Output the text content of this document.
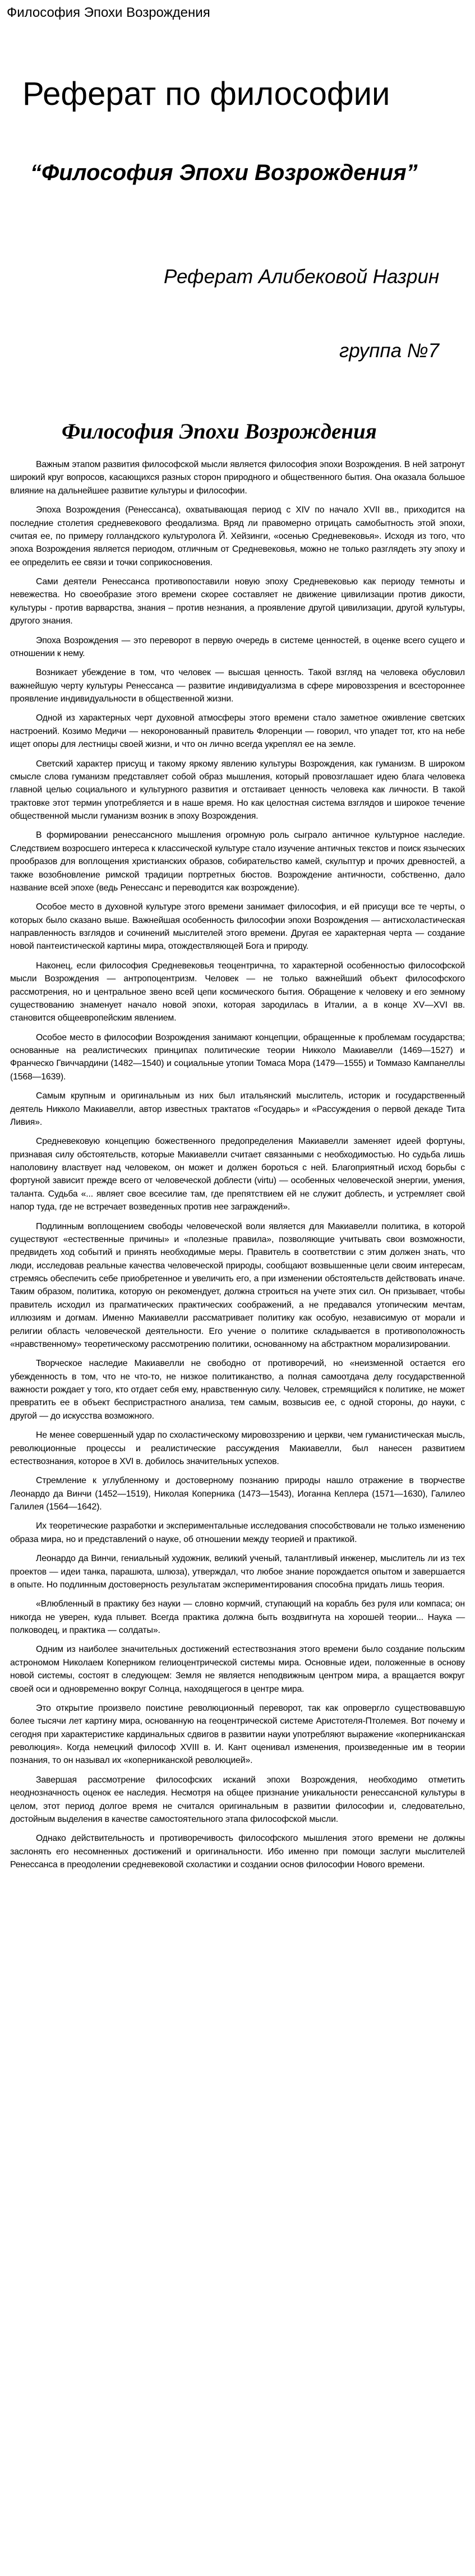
Философия Эпохи Возрождения
Реферат по философии
“Философия Эпохи Возрождения”
Реферат Алибековой Назрин
группа №7
Философия Эпохи Возрождения

Важным этапом развития философской мысли является философия эпохи Возрождения. В ней затронут широкий круг вопросов, касающихся разных сторон природного и общественного бытия. Она оказала большое влияние на дальнейшее развитие культуры и философии.

Эпоха Возрождения (Ренессанса), охватывающая период с XIV по начало XVII вв., приходится на последние столетия средневекового феодализма. Вряд ли правомерно отрицать самобытность этой эпохи, считая ее, по примеру голландского культуролога Й. Хейзинги, «осенью Средневековья». Исходя из того, что эпоха Возрождения является периодом, отличным от Средневековья, можно не только разглядеть эту эпоху и ее определить ее связи и точки соприкосновения.

Сами деятели Ренессанса противопоставили новую эпоху Средневековью как периоду темноты и невежества. Но своеобразие этого времени скорее составляет не движение цивилизации против дикости, культуры - против варварства, знания – против незнания, а проявление другой цивилизации, другой культуры, другого знания.

Эпоха Возрождения — это переворот в первую очередь в системе ценностей, в оценке всего сущего и отношении к нему.

Возникает убеждение в том, что человек — высшая ценность. Такой взгляд на человека обусловил важнейшую черту культуры Ренессанса — развитие индивидуализма в сфере мировоззрения и всестороннее проявление индивидуальности в общественной жизни.

Одной из характерных черт духовной атмосферы этого времени стало заметное оживление светских настроений. Козимо Медичи — некоронованный правитель Флоренции — говорил, что упадет тот, кто на небе ищет опоры для лестницы своей жизни, и что он лично всегда укреплял ее на земле.

Светский характер присущ и такому яркому явлению культуры Возрождения, как гуманизм. В широком смысле слова гуманизм представляет собой образ мышления, который провозглашает идею блага человека главной целью социального и культурного развития и отстаивает ценность человека как личности. В такой трактовке этот термин употребляется и в наше время. Но как целостная система взглядов и широкое течение общественной мысли гуманизм возник в эпоху Возрождения.

В формировании ренессансного мышления огромную роль сыграло античное культурное наследие. Следствием возросшего интереса к классической культуре стало изучение античных текстов и поиск языческих прообразов для воплощения христианских образов, собирательство камей, скульптур и прочих древностей, а также возобновление римской традиции портретных бюстов. Возрождение античности, собственно, дало название всей эпохе (ведь Ренессанс и переводится как возрождение).

Особое место в духовной культуре этого времени занимает философия, и ей присущи все те черты, о которых было сказано выше. Важнейшая особенность философии эпохи Возрождения — антисхоластическая направленность взглядов и сочинений мыслителей этого времени. Другая ее характерная черта — создание новой пантеистической картины мира, отождествляющей Бога и природу.

Наконец, если философия Средневековья теоцентрична, то характерной особенностью философской мысли Возрождения — антропоцентризм. Человек — не только важнейший объект философского рассмотрения, но и центральное звено всей цепи космического бытия. Обращение к человеку и его земному существованию знаменует начало новой эпохи, которая зародилась в Италии, а в конце XV—XVI вв. становится общеевропейским явлением.

Особое место в философии Возрождения занимают концепции, обращенные к проблемам государства; основанные на реалистических принципах политические теории Никколо Макиавелли (1469—1527) и Франческо Гвиччардини (1482—1540) и социальные утопии Томаса Мора (1479—1555) и Томмазо Кампанеллы (1568—1639).

Самым крупным и оригинальным из них был итальянский мыслитель, историк и государственный деятель Никколо Макиавелли, автор известных трактатов «Государь» и «Рассуждения о первой декаде Тита Ливия».

Средневековую концепцию божественного предопределения Макиавелли заменяет идеей фортуны, признавая силу обстоятельств, которые Макиавелли считает связанными с необходимостью. Но судьба лишь наполовину властвует над человеком, он может и должен бороться с ней. Благоприятный исход борьбы с фортуной зависит прежде всего от человеческой доблести (virtu) — особенных человеческой энергии, умения, таланта. Судьба «... являет свое всесилие там, где препятствием ей не служит доблесть, и устремляет свой напор туда, где не встречает возведенных против нее заграждений».

Подлинным воплощением свободы человеческой воли является для Макиавелли политика, в которой существуют «естественные причины» и «полезные правила», позволяющие учитывать свои возможности, предвидеть ход событий и принять необходимые меры. Правитель в соответствии с этим должен знать, что люди, исследовав реальные качества человеческой природы, сообщают возвышенные цели своим интересам, стремясь обеспечить себе приобретенное и увеличить его, а при изменении обстоятельств действовать иначе. Таким образом, политика, которую он рекомендует, должна строиться на учете этих сил. Он призывает, чтобы правитель исходил из прагматических практических соображений, а не предавался утопическим мечтам, иллюзиям и догмам. Именно Макиавелли рассматривает политику как особую, независимую от морали и религии область человеческой деятельности. Его учение о политике складывается в противоположность «нравственному» теоретическому рассмотрению политики, основанному на абстрактном морализировании.

Творческое наследие Макиавелли не свободно от противоречий, но «неизменной остается его убежденность в том, что не что-то, не низкое политиканство, а полная самоотдача делу государственной важности рождает у того, кто отдает себя ему, нравственную силу. Человек, стремящийся к политике, не может превратить ее в объект беспристрастного анализа, тем самым, возвысив ее, с одной стороны, до науки, с другой — до искусства возможного.

Не менее совершенный удар по схоластическому мировоззрению и церкви, чем гуманистическая мысль, революционные процессы и реалистические рассуждения Макиавелли, был нанесен развитием естествознания, которое в XVI в. добилось значительных успехов.

Стремление к углубленному и достоверному познанию природы нашло отражение в творчестве Леонардо да Винчи (1452—1519), Николая Коперника (1473—1543), Иоганна Кеплера (1571—1630), Галилео Галилея (1564—1642).

Их теоретические разработки и экспериментальные исследования способствовали не только изменению образа мира, но и представлений о науке, об отношении между теорией и практикой.

Леонардо да Винчи, гениальный художник, великий ученый, талантливый инженер, мыслитель ли из тех проектов — идеи танка, парашюта, шлюза), утверждал, что любое знание порождается опытом и завершается в опыте. Но подлинным достоверность результатам экспериментирования способна придать лишь теория.

«Влюбленный в практику без науки — словно кормчий, ступающий на корабль без руля или компаса; он никогда не уверен, куда плывет. Всегда практика должна быть воздвигнута на хорошей теории... Наука — полководец, и практика — солдаты».

Одним из наиболее значительных достижений естествознания этого времени было создание польским астрономом Николаем Коперником гелиоцентрической системы мира. Основные идеи, положенные в основу новой системы, состоят в следующем: Земля не является неподвижным центром мира, а вращается вокруг своей оси и одновременно вокруг Солнца, находящегося в центре мира.

Это открытие произвело поистине революционный переворот, так как опровергло существовавшую более тысячи лет картину мира, основанную на геоцентрической системе Аристотеля-Птолемея. Вот почему и сегодня при характеристике кардинальных сдвигов в развитии науки употребляют выражение «коперниканская революция». Когда немецкий философ XVIII в. И. Кант оценивал изменения, произведенные им в теории познания, то он называл их «коперниканской революцией».

Завершая рассмотрение философских исканий эпохи Возрождения, необходимо отметить неоднозначность оценок ее наследия. Несмотря на общее признание уникальности ренессансной культуры в целом, этот период долгое время не считался оригинальным в развитии философии и, следовательно, достойным выделения в качестве самостоятельного этапа философской мысли.

Однако действительность и противоречивость философского мышления этого времени не должны заслонять его несомненных достижений и оригинальности. Ибо именно при помощи заслуги мыслителей Ренессанса в преодолении средневековой схоластики и создании основ философии Нового времени.
